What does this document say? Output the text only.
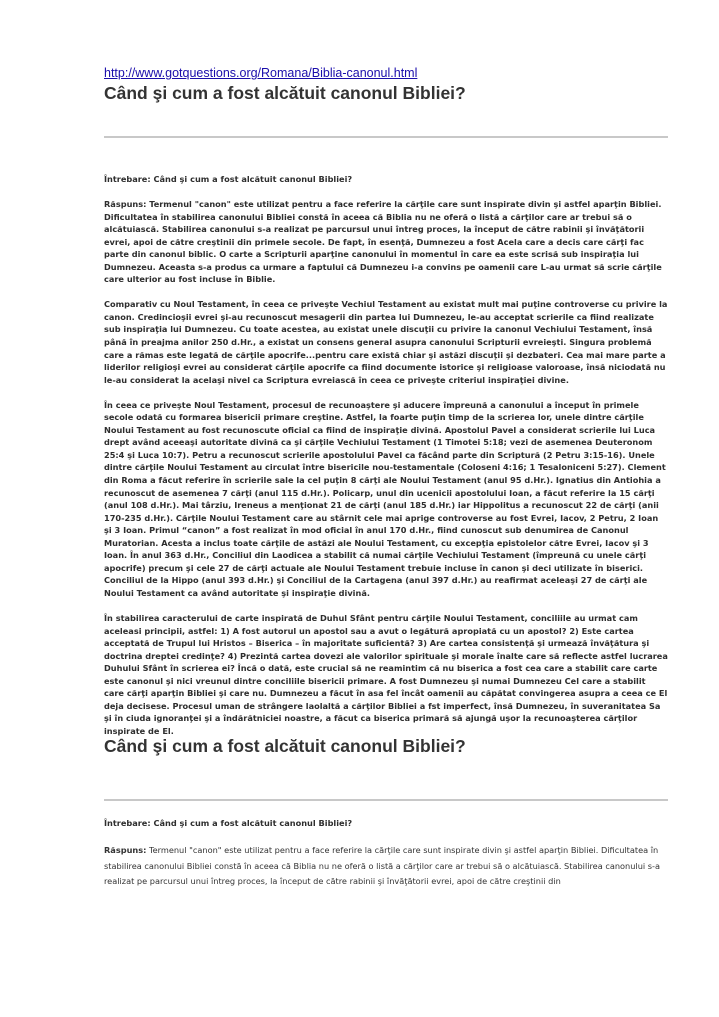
http://www.gotquestions.org/Romana/Biblia-canonul.html
Când şi cum a fost alcătuit canonul Bibliei?
Întrebare: Când şi cum a fost alcătuit canonul Bibliei?
Răspuns: Termenul "canon" este utilizat pentru a face referire la cărţile care sunt inspirate divin şi astfel aparţin Bibliei. Dificultatea în stabilirea canonului Bibliei constă în aceea că Biblia nu ne oferă o listă a cărţilor care ar trebui să o alcătuiască. Stabilirea canonului s-a realizat pe parcursul unui întreg proces, la început de către rabinii şi învăţătorii evrei, apoi de către creştinii din primele secole. De fapt, în esenţă, Dumnezeu a fost Acela care a decis care cărţi fac parte din canonul biblic. O carte a Scripturii aparţine canonului în momentul în care ea este scrisă sub inspiraţia lui Dumnezeu. Aceasta s-a produs ca urmare a faptului că Dumnezeu i-a convins pe oamenii care L-au urmat să scrie cărţile care ulterior au fost incluse în Biblie.
Comparativ cu Noul Testament, în ceea ce priveşte Vechiul Testament au existat mult mai puţine controverse cu privire la canon. Credincioşii evrei şi-au recunoscut mesagerii din partea lui Dumnezeu, le-au acceptat scrierile ca fiind realizate sub inspiraţia lui Dumnezeu. Cu toate acestea, au existat unele discuţii cu privire la canonul Vechiului Testament, însă până în preajma anilor 250 d.Hr., a existat un consens general asupra canonului Scripturii evreieşti. Singura problemă care a rămas este legată de cărţile apocrife...pentru care există chiar şi astăzi discuţii şi dezbateri. Cea mai mare parte a liderilor religioşi evrei au considerat cărţile apocrife ca fiind documente istorice şi religioase valoroase, însă niciodată nu le-au considerat la acelaşi nivel ca Scriptura evreiască în ceea ce priveşte criteriul inspiraţiei divine.
În ceea ce priveşte Noul Testament, procesul de recunoaştere şi aducere împreună a canonului a început în primele secole odată cu formarea bisericii primare creştine. Astfel, la foarte puţin timp de la scrierea lor, unele dintre cărţile Noului Testament au fost recunoscute oficial ca fiind de inspiraţie divină. Apostolul Pavel a considerat scrierile lui Luca drept având aceeaşi autoritate divină ca şi cărţile Vechiului Testament (1 Timotei 5:18; vezi de asemenea Deuteronom 25:4 şi Luca 10:7). Petru a recunoscut scrierile apostolului Pavel ca făcând parte din Scriptură (2 Petru 3:15-16). Unele dintre cărţile Noului Testament au circulat între bisericile nou-testamentale (Coloseni 4:16; 1 Tesaloniceni 5:27). Clement din Roma a făcut referire în scrierile sale la cel puţin 8 cărţi ale Noului Testament (anul 95 d.Hr.). Ignatius din Antiohia a recunoscut de asemenea 7 cărţi (anul 115 d.Hr.). Policarp, unul din ucenicii apostolului Ioan, a făcut referire la 15 cărţi (anul 108 d.Hr.). Mai târziu, Ireneus a menţionat 21 de cărţi (anul 185 d.Hr.) iar Hippolitus a recunoscut 22 de cărţi (anii 170-235 d.Hr.). Cărţile Noului Testament care au stârnit cele mai aprige controverse au fost Evrei, Iacov, 2 Petru, 2 Ioan şi 3 Ioan. Primul “canon” a fost realizat în mod oficial în anul 170 d.Hr., fiind cunoscut sub denumirea de Canonul Muratorian. Acesta a inclus toate cărţile de astăzi ale Noului Testament, cu excepţia epistolelor către Evrei, Iacov şi 3 Ioan. În anul 363 d.Hr., Conciliul din Laodicea a stabilit că numai cărţile Vechiului Testament (împreună cu unele cărţi apocrife) precum şi cele 27 de cărţi actuale ale Noului Testament trebuie incluse în canon şi deci utilizate în biserici. Conciliul de la Hippo (anul 393 d.Hr.) şi Conciliul de la Cartagena (anul 397 d.Hr.) au reafirmat aceleaşi 27 de cărţi ale Noului Testament ca având autoritate şi inspiraţie divină.
În stabilirea caracterului de carte inspirată de Duhul Sfânt pentru cărţile Noului Testament, conciliile au urmat cam aceleasi principii, astfel: 1) A fost autorul un apostol sau a avut o legătură apropiată cu un apostol? 2) Este cartea acceptată de Trupul lui Hristos – Biserica – în majoritate suficientă? 3) Are cartea consistenţă şi urmează învăţătura şi doctrina dreptei credinţe? 4) Prezintă cartea dovezi ale valorilor spirituale şi morale înalte care să reflecte astfel lucrarea Duhului Sfânt în scrierea ei? Încă o dată, este crucial să ne reamintim că nu biserica a fost cea care a stabilit care carte este canonul şi nici vreunul dintre conciliile bisericii primare. A fost Dumnezeu şi numai Dumnezeu Cel care a stabilit care cărţi aparţin Bibliei şi care nu. Dumnezeu a făcut în asa fel încât oamenii au căpătat convingerea asupra a ceea ce El deja decisese. Procesul uman de strângere laolaltă a cărţilor Bibliei a fst imperfect, însă Dumnezeu, în suveranitatea Sa şi în ciuda ignoranţei şi a îndărătniciei noastre, a făcut ca biserica primară să ajungă uşor la recunoaşterea cărţilor inspirate de El.
Când şi cum a fost alcătuit canonul Bibliei?
Întrebare: Când şi cum a fost alcătuit canonul Bibliei?
Răspuns: Termenul "canon" este utilizat pentru a face referire la cărţile care sunt inspirate divin şi astfel aparţin Bibliei. Dificultatea în stabilirea canonului Bibliei constă în aceea că Biblia nu ne oferă o listă a cărţilor care ar trebui să o alcătuiască. Stabilirea canonului s-a realizat pe parcursul unui întreg proces, la început de către rabinii şi învăţătorii evrei, apoi de către creştinii din
